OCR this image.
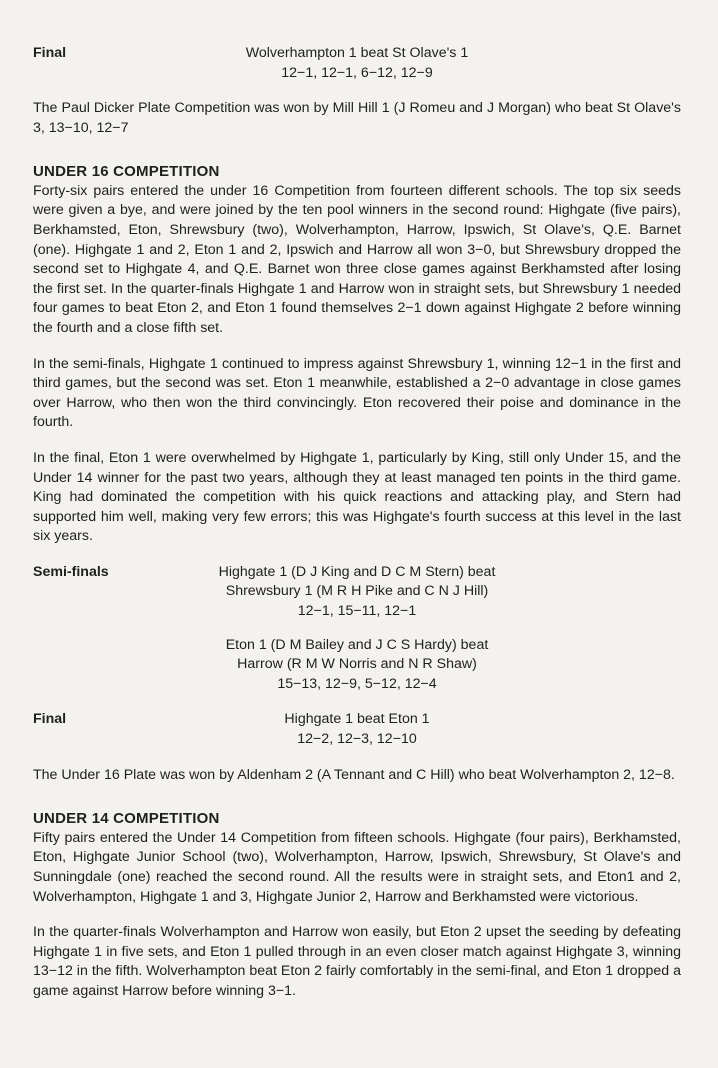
Final	Wolverhampton 1 beat St Olave's 1
12−1, 12−1, 6−12, 12−9

The Paul Dicker Plate Competition was won by Mill Hill 1 (J Romeu and J Morgan) who beat St Olave's 3, 13−10, 12−7

UNDER 16 COMPETITION

Forty-six pairs entered the under 16 Competition from fourteen different schools. The top six seeds were given a bye, and were joined by the ten pool winners in the second round: Highgate (five pairs), Berkhamsted, Eton, Shrewsbury (two), Wolverhampton, Harrow, Ipswich, St Olave's, Q.E. Barnet (one). Highgate 1 and 2, Eton 1 and 2, Ipswich and Harrow all won 3−0, but Shrewsbury dropped the second set to Highgate 4, and Q.E. Barnet won three close games against Berkhamsted after losing the first set. In the quarter-finals Highgate 1 and Harrow won in straight sets, but Shrewsbury 1 needed four games to beat Eton 2, and Eton 1 found themselves 2−1 down against Highgate 2 before winning the fourth and a close fifth set.

In the semi-finals, Highgate 1 continued to impress against Shrewsbury 1, winning 12−1 in the first and third games, but the second was set. Eton 1 meanwhile, established a 2−0 advantage in close games over Harrow, who then won the third convincingly. Eton recovered their poise and dominance in the fourth.

In the final, Eton 1 were overwhelmed by Highgate 1, particularly by King, still only Under 15, and the Under 14 winner for the past two years, although they at least managed ten points in the third game. King had dominated the competition with his quick reactions and attacking play, and Stern had supported him well, making very few errors; this was Highgate's fourth success at this level in the last six years.

Semi-finals	Highgate 1 (D J King and D C M Stern) beat
Shrewsbury 1 (M R H Pike and C N J Hill)
12−1, 15−11, 12−1
Eton 1 (D M Bailey and J C S Hardy) beat
Harrow (R M W Norris and N R Shaw)
15−13, 12−9, 5−12, 12−4
Final	Highgate 1 beat Eton 1
12−2, 12−3, 12−10

The Under 16 Plate was won by Aldenham 2 (A Tennant and C Hill) who beat Wolverhampton 2, 12−8.

UNDER 14 COMPETITION

Fifty pairs entered the Under 14 Competition from fifteen schools. Highgate (four pairs), Berkhamsted, Eton, Highgate Junior School (two), Wolverhampton, Harrow, Ipswich, Shrewsbury, St Olave's and Sunningdale (one) reached the second round. All the results were in straight sets, and Eton1 and 2, Wolverhampton, Highgate 1 and 3, Highgate Junior 2, Harrow and Berkhamsted were victorious.

In the quarter-finals Wolverhampton and Harrow won easily, but Eton 2 upset the seeding by defeating Highgate 1 in five sets, and Eton 1 pulled through in an even closer match against Highgate 3, winning 13−12 in the fifth. Wolverhampton beat Eton 2 fairly comfortably in the semi-final, and Eton 1 dropped a game against Harrow before winning 3−1.
